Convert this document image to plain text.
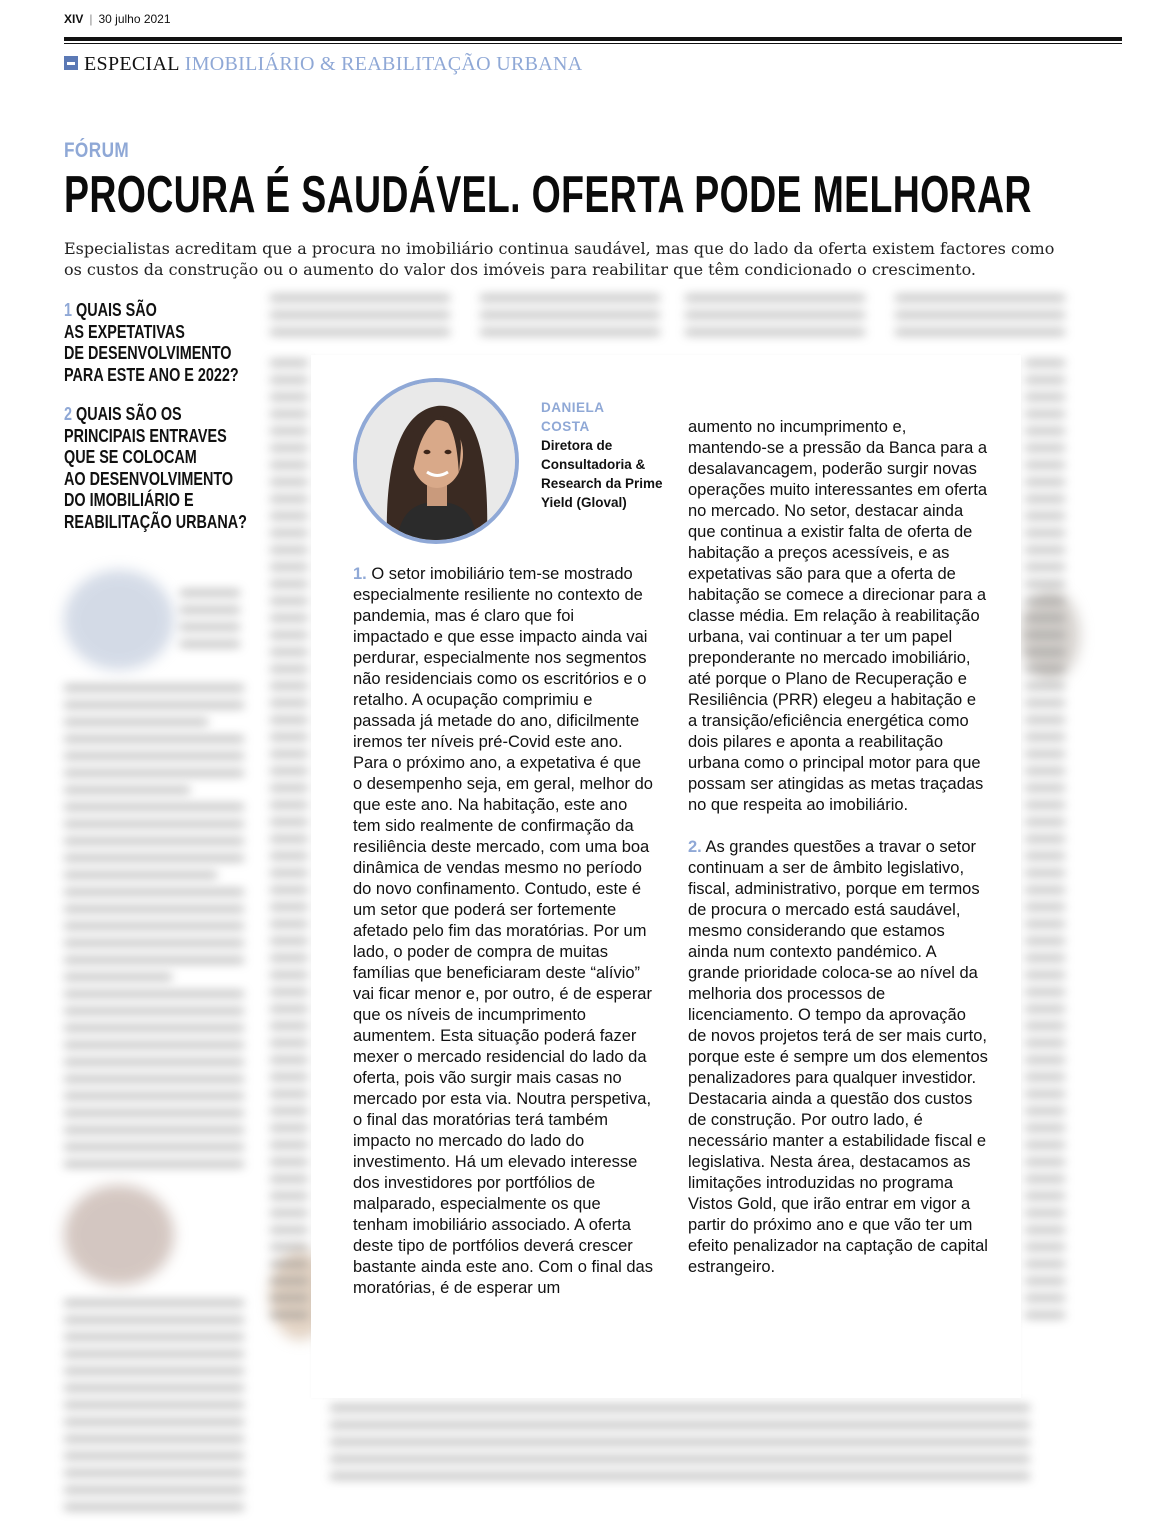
XIV | 30 julho 2021
ESPECIAL IMOBILIÁRIO & REABILITAÇÃO URBANA
FÓRUM
PROCURA É SAUDÁVEL. OFERTA PODE MELHORAR
Especialistas acreditam que a procura no imobiliário continua saudável, mas que do lado da oferta existem factores como os custos da construção ou o aumento do valor dos imóveis para reabilitar que têm condicionado o crescimento.
1 QUAIS SÃO
AS EXPETATIVAS
DE DESENVOLVIMENTO
PARA ESTE ANO E 2022?
2 QUAIS SÃO OS
PRINCIPAIS ENTRAVES
QUE SE COLOCAM
AO DESENVOLVIMENTO
DO IMOBILIÁRIO E
REABILITAÇÃO URBANA?
DANIELA
COSTA
Diretora de Consultadoria & Research da Prime Yield (Gloval)

1. O setor imobiliário tem-se mostrado especialmente resiliente no contexto de pandemia, mas é claro que foi impactado e que esse impacto ainda vai perdurar, especialmente nos segmentos não residenciais como os escritórios e o retalho. A ocupação comprimiu e passada já metade do ano, dificilmente iremos ter níveis pré-Covid este ano. Para o próximo ano, a expetativa é que o desempenho seja, em geral, melhor do que este ano. Na habitação, este ano tem sido realmente de confirmação da resiliência deste mercado, com uma boa dinâmica de vendas mesmo no período do novo confinamento. Contudo, este é um setor que poderá ser fortemente afetado pelo fim das moratórias. Por um lado, o poder de compra de muitas famílias que beneficiaram deste “alívio” vai ficar menor e, por outro, é de esperar que os níveis de incumprimento aumentem. Esta situação poderá fazer mexer o mercado residencial do lado da oferta, pois vão surgir mais casas no mercado por esta via. Noutra perspetiva, o final das moratórias terá também impacto no mercado do lado do investimento. Há um elevado interesse dos investidores por portfólios de malparado, especialmente os que tenham imobiliário associado. A oferta deste tipo de portfólios deverá crescer bastante ainda este ano. Com o final das moratórias, é de esperar um

aumento no incumprimento e, mantendo-se a pressão da Banca para a desalavancagem, poderão surgir novas operações muito interessantes em oferta no mercado. No setor, destacar ainda que continua a existir falta de oferta de habitação a preços acessíveis, e as expetativas são para que a oferta de habitação se comece a direcionar para a classe média. Em relação à reabilitação urbana, vai continuar a ter um papel preponderante no mercado imobiliário, até porque o Plano de Recuperação e Resiliência (PRR) elegeu a habitação e a transição/eficiência energética como dois pilares e aponta a reabilitação urbana como o principal motor para que possam ser atingidas as metas traçadas no que respeita ao imobiliário.

2. As grandes questões a travar o setor continuam a ser de âmbito legislativo, fiscal, administrativo, porque em termos de procura o mercado está saudável, mesmo considerando que estamos ainda num contexto pandémico. A grande prioridade coloca-se ao nível da melhoria dos processos de licenciamento. O tempo da aprovação de novos projetos terá de ser mais curto, porque este é sempre um dos elementos penalizadores para qualquer investidor. Destacaria ainda a questão dos custos de construção. Por outro lado, é necessário manter a estabilidade fiscal e legislativa. Nesta área, destacamos as limitações introduzidas no programa Vistos Gold, que irão entrar em vigor a partir do próximo ano e que vão ter um efeito penalizador na captação de capital estrangeiro.
